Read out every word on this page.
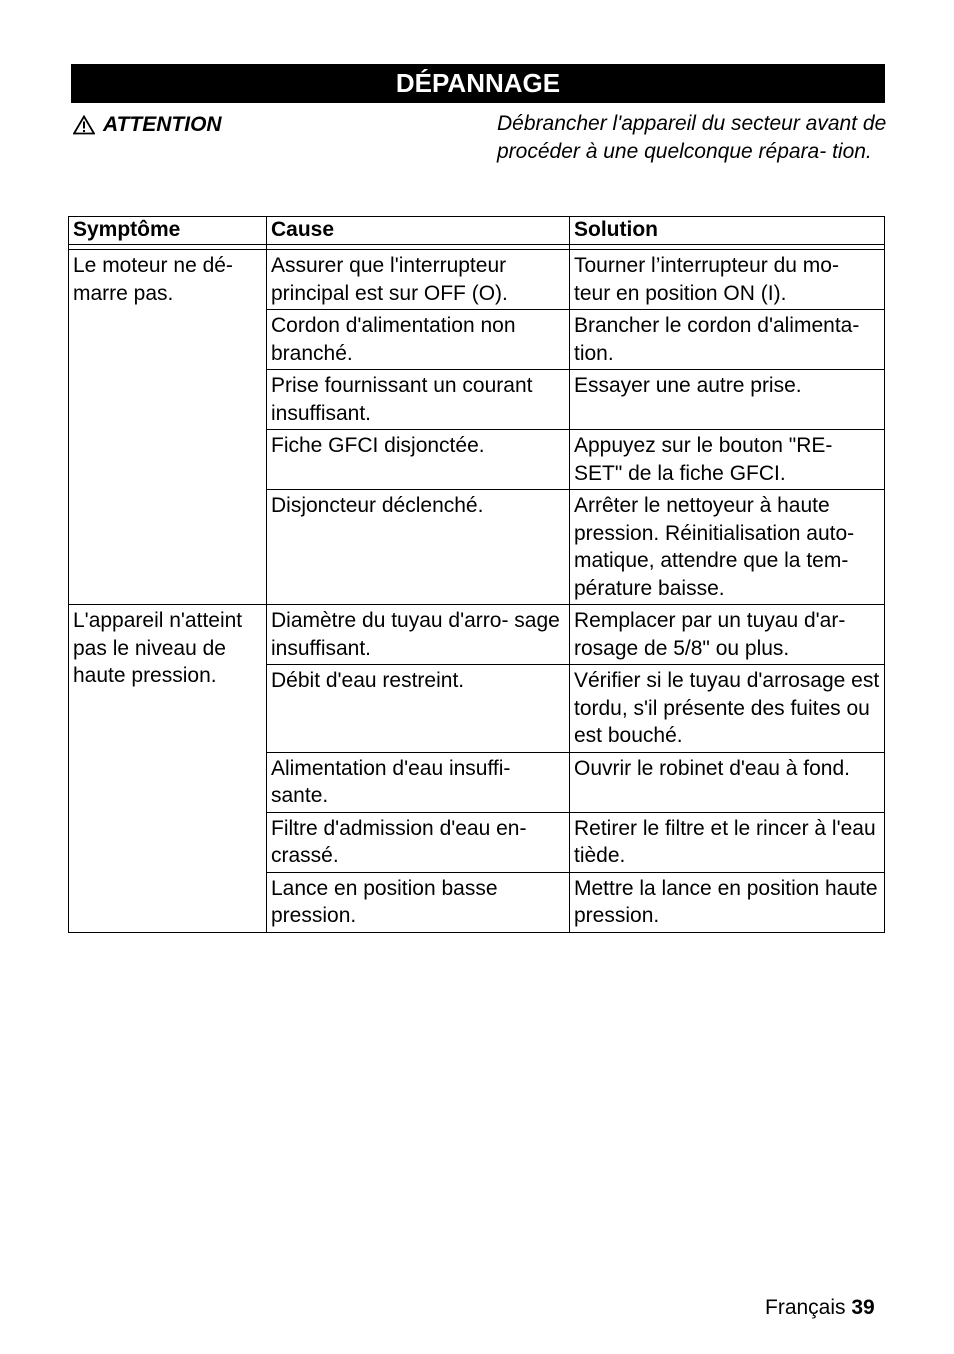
DÉPANNAGE
ATTENTION	Débrancher l'appareil du secteur avant de procéder à une quelconque répara- tion.
Symptôme	Cause	Solution

Le moteur ne dé- marre pas.	Assurer que l'interrupteur principal est sur OFF (O).	Tourner l’interrupteur du mo- teur en position ON (I).
	Cordon d'alimentation non branché.	Brancher le cordon d'alimenta- tion.
	Prise fournissant un courant insuffisant.	Essayer une autre prise.
	Fiche GFCI disjonctée.	Appuyez sur le bouton "RE- SET" de la fiche GFCI.
	Disjoncteur déclenché.	Arrêter le nettoyeur à haute pression. Réinitialisation auto- matique, attendre que la tem- pérature baisse.
L'appareil n'atteint pas le niveau de haute pression.	Diamètre du tuyau d'arro- sage insuffisant.	Remplacer par un tuyau d'ar- rosage de 5/8" ou plus.
	Débit d'eau restreint.	Vérifier si le tuyau d'arrosage est tordu, s'il présente des fuites ou est bouché.
	Alimentation d'eau insuffi- sante.	Ouvrir le robinet d'eau à fond.
	Filtre d'admission d'eau en- crassé.	Retirer le filtre et le rincer à l'eau tiède.
	Lance en position basse pression.	Mettre la lance en position haute pression.
Français 39
